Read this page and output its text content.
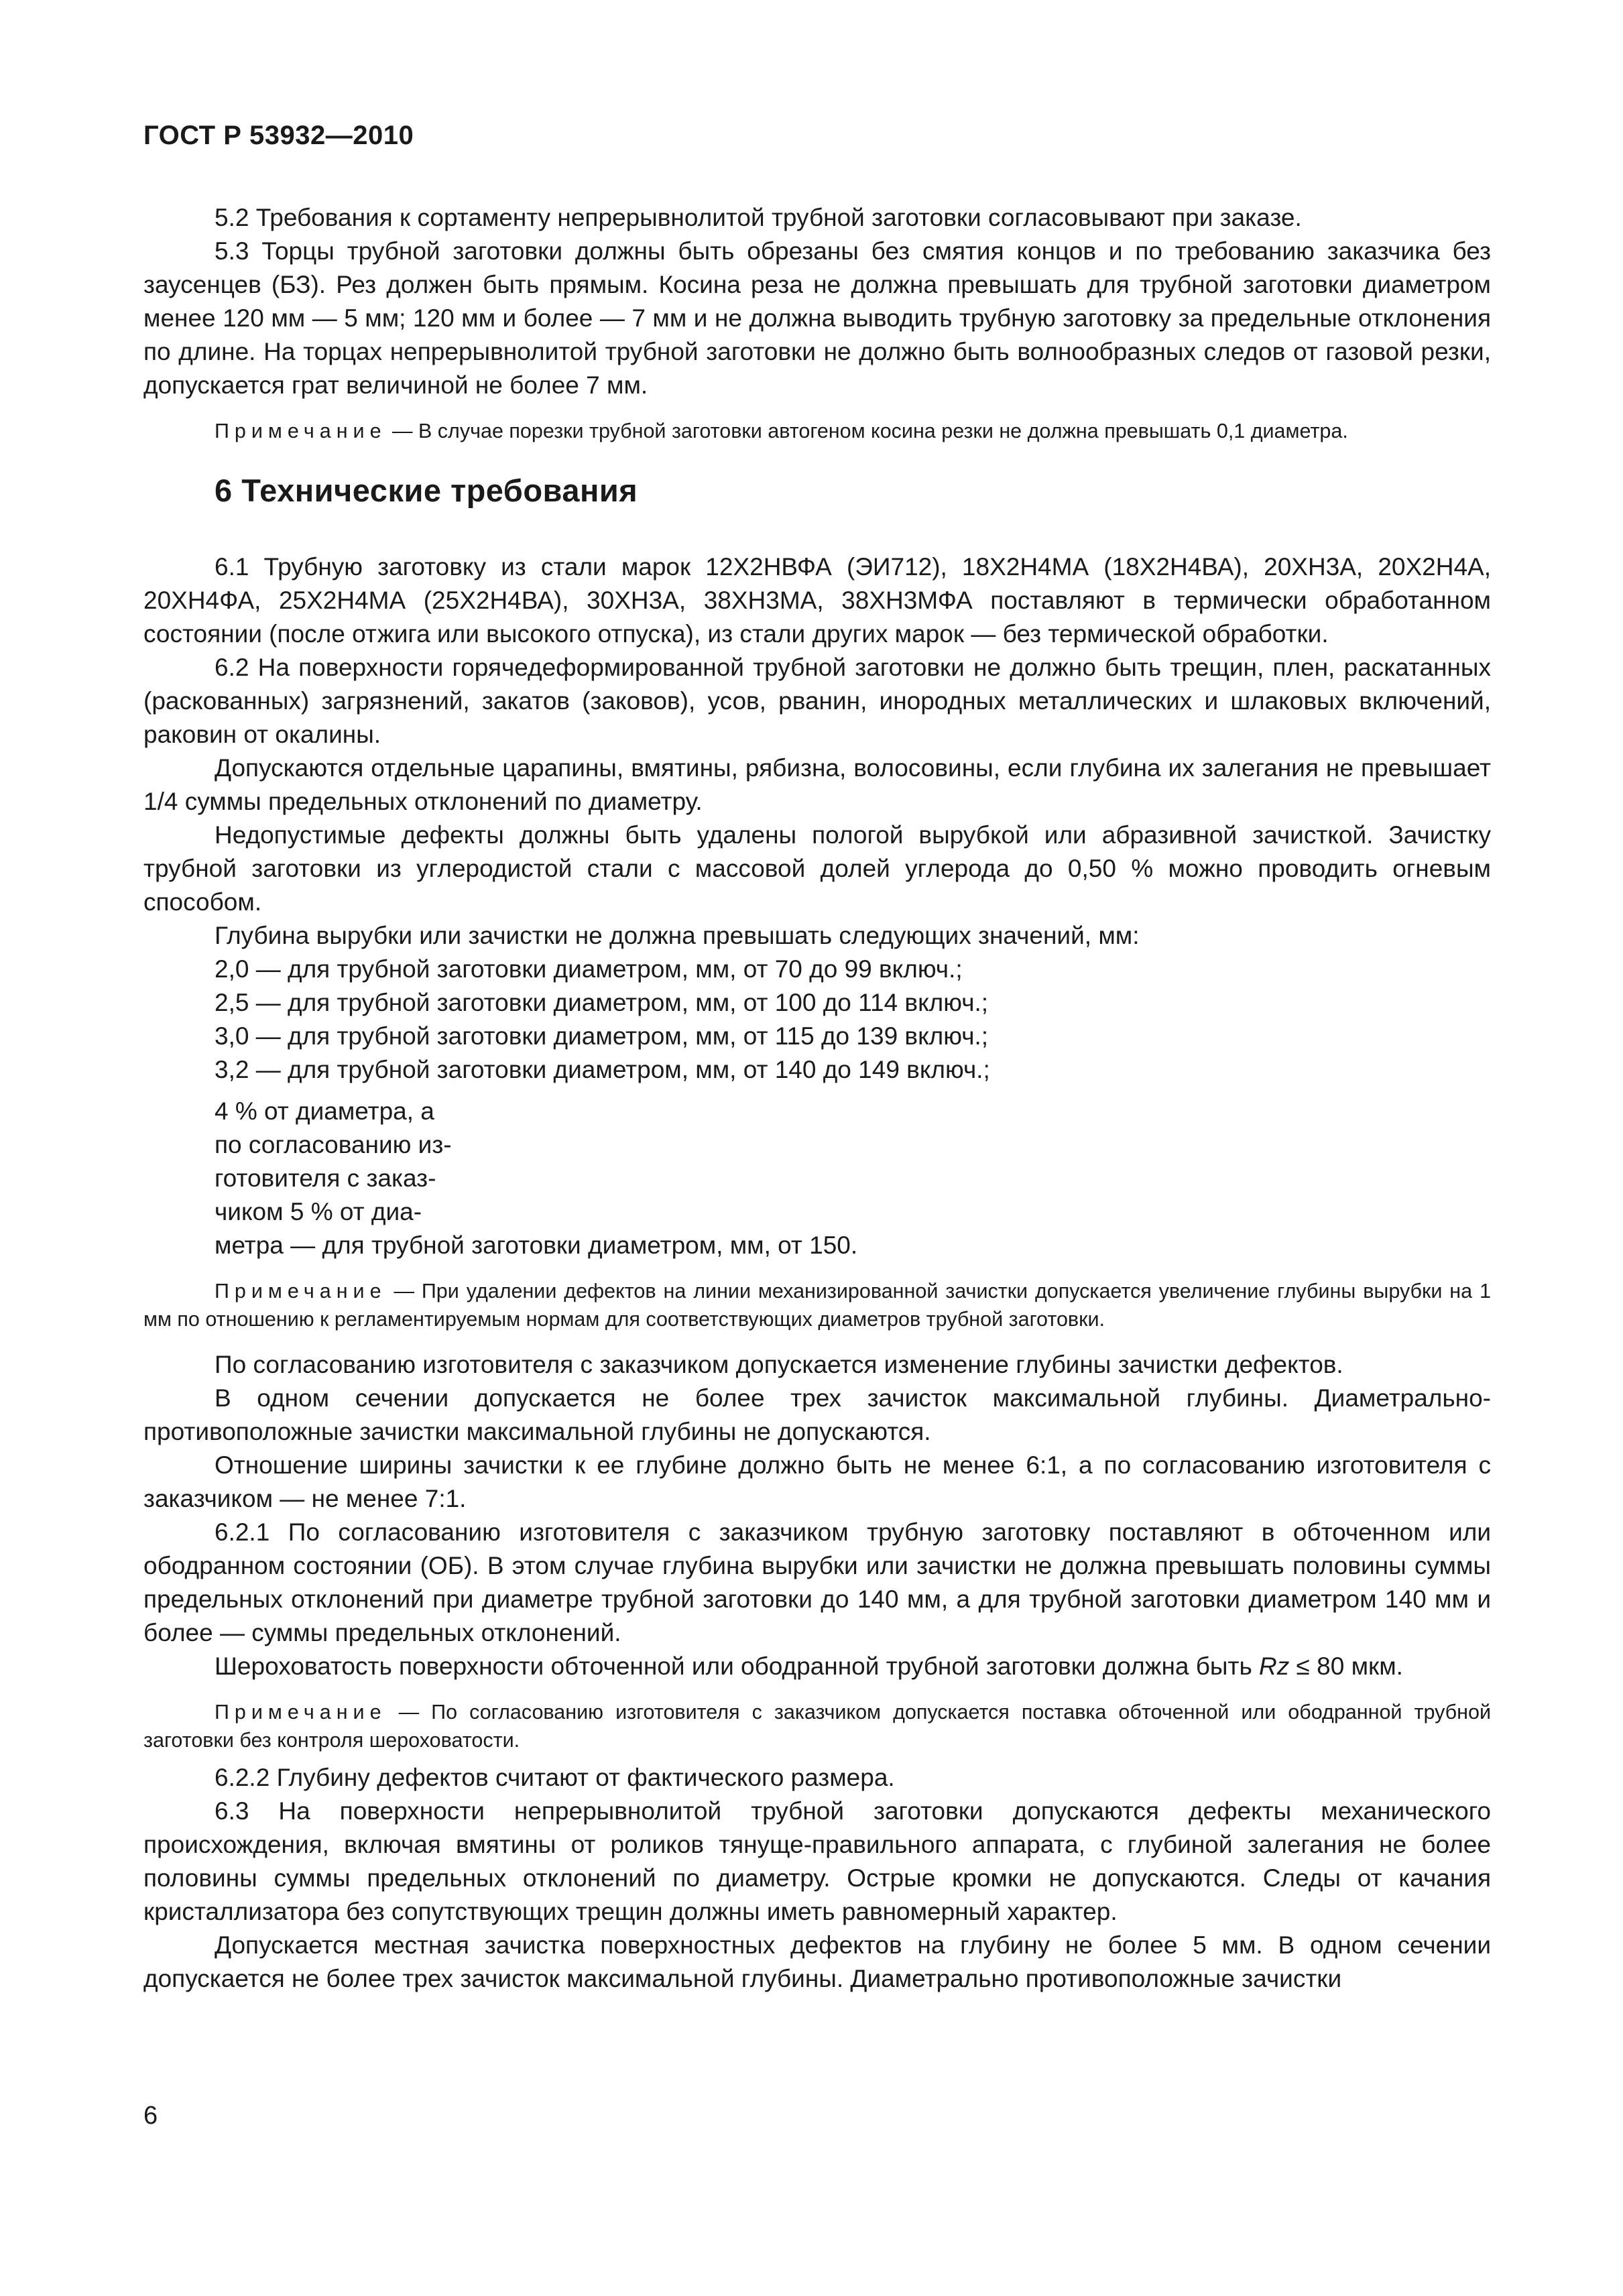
ГОСТ Р 53932—2010

5.2 Требования к сортаменту непрерывнолитой трубной заготовки согласовывают при заказе.

5.3 Торцы трубной заготовки должны быть обрезаны без смятия концов и по требованию заказчика без заусенцев (БЗ). Рез должен быть прямым. Косина реза не должна превышать для трубной заготовки диаметром менее 120 мм — 5 мм; 120 мм и более — 7 мм и не должна выводить трубную заготовку за предельные отклонения по длине. На торцах непрерывнолитой трубной заготовки не должно быть волнообразных следов от газовой резки, допускается грат величиной не более 7 мм.

Примечание — В случае порезки трубной заготовки автогеном косина резки не должна превышать 0,1 диаметра.

6 Технические требования

6.1 Трубную заготовку из стали марок 12Х2НВФА (ЭИ712), 18Х2Н4МА (18Х2Н4ВА), 20ХН3А, 20Х2Н4А, 20ХН4ФА, 25Х2Н4МА (25Х2Н4ВА), 30ХН3А, 38ХН3МА, 38ХН3МФА поставляют в термически обработанном состоянии (после отжига или высокого отпуска), из стали других марок — без термической обработки.

6.2 На поверхности горячедеформированной трубной заготовки не должно быть трещин, плен, раскатанных (раскованных) загрязнений, закатов (заковов), усов, рванин, инородных металлических и шлаковых включений, раковин от окалины.

Допускаются отдельные царапины, вмятины, рябизна, волосовины, если глубина их залегания не превышает 1/4 суммы предельных отклонений по диаметру.

Недопустимые дефекты должны быть удалены пологой вырубкой или абразивной зачисткой. Зачистку трубной заготовки из углеродистой стали с массовой долей углерода до 0,50 % можно проводить огневым способом.

Глубина вырубки или зачистки не должна превышать следующих значений, мм:

2,0 — для трубной заготовки диаметром, мм, от 70 до 99 включ.;

2,5 — для трубной заготовки диаметром, мм, от 100 до 114 включ.;

3,0 — для трубной заготовки диаметром, мм, от 115 до 139 включ.;

3,2 — для трубной заготовки диаметром, мм, от 140 до 149 включ.;

4 % от диаметра, а
по согласованию из-
готовителя с заказ-
чиком 5 % от диа-
метра — для трубной заготовки диаметром, мм, от 150.

Примечание — При удалении дефектов на линии механизированной зачистки допускается увеличение глубины вырубки на 1 мм по отношению к регламентируемым нормам для соответствующих диаметров трубной заготовки.

По согласованию изготовителя с заказчиком допускается изменение глубины зачистки дефектов.

В одном сечении допускается не более трех зачисток максимальной глубины. Диаметрально-противоположные зачистки максимальной глубины не допускаются.

Отношение ширины зачистки к ее глубине должно быть не менее 6:1, а по согласованию изготовителя с заказчиком — не менее 7:1.

6.2.1 По согласованию изготовителя с заказчиком трубную заготовку поставляют в обточенном или ободранном состоянии (ОБ). В этом случае глубина вырубки или зачистки не должна превышать половины суммы предельных отклонений при диаметре трубной заготовки до 140 мм, а для трубной заготовки диаметром 140 мм и более — суммы предельных отклонений.

Шероховатость поверхности обточенной или ободранной трубной заготовки должна быть Rz ≤ 80 мкм.

Примечание — По согласованию изготовителя с заказчиком допускается поставка обточенной или ободранной трубной заготовки без контроля шероховатости.

6.2.2 Глубину дефектов считают от фактического размера.

6.3 На поверхности непрерывнолитой трубной заготовки допускаются дефекты механического происхождения, включая вмятины от роликов тянуще-правильного аппарата, с глубиной залегания не более половины суммы предельных отклонений по диаметру. Острые кромки не допускаются. Следы от качания кристаллизатора без сопутствующих трещин должны иметь равномерный характер.

Допускается местная зачистка поверхностных дефектов на глубину не более 5 мм. В одном сечении допускается не более трех зачисток максимальной глубины. Диаметрально противоположные зачистки

6
